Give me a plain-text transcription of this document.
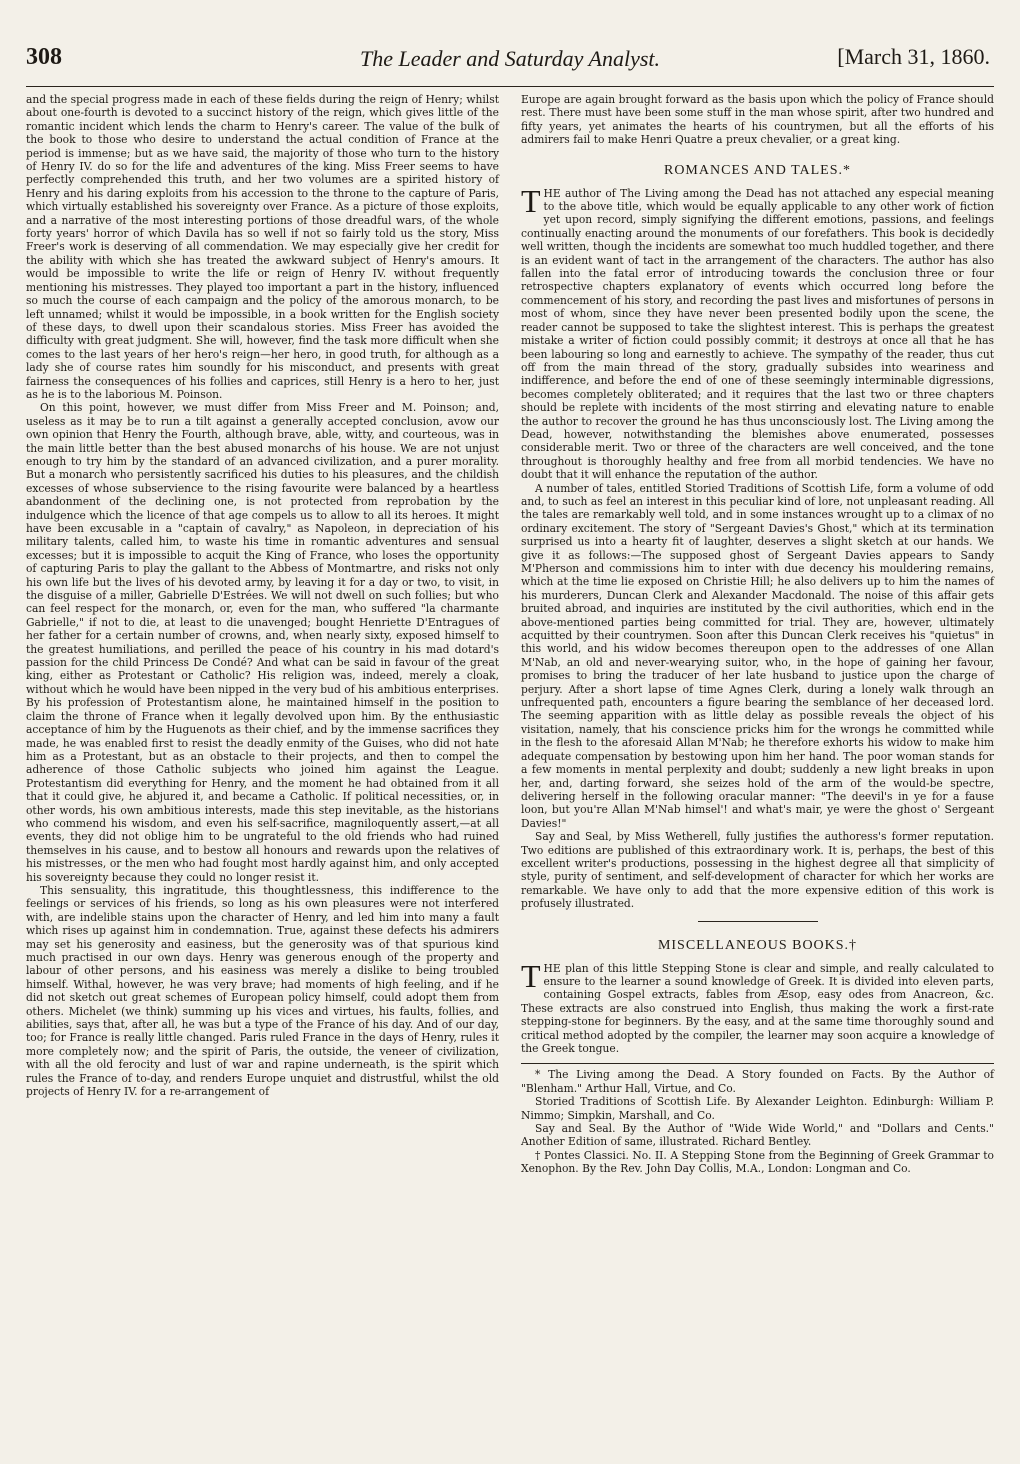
308	The Leader and Saturday Analyst.	[March 31, 1860.

and the special progress made in each of these fields during the reign of Henry; whilst about one-fourth is devoted to a succinct history of the reign, which gives little of the romantic incident which lends the charm to Henry's career. The value of the bulk of the book to those who desire to understand the actual condition of France at the period is immense; but as we have said, the majority of those who turn to the history of Henry IV. do so for the life and adventures of the king. Miss Freer seems to have perfectly comprehended this truth, and her two volumes are a spirited history of Henry and his daring exploits from his accession to the throne to the capture of Paris, which virtually established his sovereignty over France. As a picture of those exploits, and a narrative of the most interesting portions of those dreadful wars, of the whole forty years' horror of which Davila has so well if not so fairly told us the story, Miss Freer's work is deserving of all commendation. We may especially give her credit for the ability with which she has treated the awkward subject of Henry's amours. It would be impossible to write the life or reign of Henry IV. without frequently mentioning his mistresses. They played too important a part in the history, influenced so much the course of each campaign and the policy of the amorous monarch, to be left unnamed; whilst it would be impossible, in a book written for the English society of these days, to dwell upon their scandalous stories. Miss Freer has avoided the difficulty with great judgment. She will, however, find the task more difficult when she comes to the last years of her hero's reign—her hero, in good truth, for although as a lady she of course rates him soundly for his misconduct, and presents with great fairness the consequences of his follies and caprices, still Henry is a hero to her, just as he is to the laborious M. Poinson.

On this point, however, we must differ from Miss Freer and M. Poinson; and, useless as it may be to run a tilt against a generally accepted conclusion, avow our own opinion that Henry the Fourth, although brave, able, witty, and courteous, was in the main little better than the best abused monarchs of his house. We are not unjust enough to try him by the standard of an advanced civilization, and a purer morality. But a monarch who persistently sacrificed his duties to his pleasures, and the childish excesses of whose subservience to the rising favourite were balanced by a heartless abandonment of the declining one, is not protected from reprobation by the indulgence which the licence of that age compels us to allow to all its heroes. It might have been excusable in a "captain of cavalry," as Napoleon, in depreciation of his military talents, called him, to waste his time in romantic adventures and sensual excesses; but it is impossible to acquit the King of France, who loses the opportunity of capturing Paris to play the gallant to the Abbess of Montmartre, and risks not only his own life but the lives of his devoted army, by leaving it for a day or two, to visit, in the disguise of a miller, Gabrielle D'Estrées. We will not dwell on such follies; but who can feel respect for the monarch, or, even for the man, who suffered "la charmante Gabrielle," if not to die, at least to die unavenged; bought Henriette D'Entragues of her father for a certain number of crowns, and, when nearly sixty, exposed himself to the greatest humiliations, and perilled the peace of his country in his mad dotard's passion for the child Princess De Condé? And what can be said in favour of the great king, either as Protestant or Catholic? His religion was, indeed, merely a cloak, without which he would have been nipped in the very bud of his ambitious enterprises. By his profession of Protestantism alone, he maintained himself in the position to claim the throne of France when it legally devolved upon him. By the enthusiastic acceptance of him by the Huguenots as their chief, and by the immense sacrifices they made, he was enabled first to resist the deadly enmity of the Guises, who did not hate him as a Protestant, but as an obstacle to their projects, and then to compel the adherence of those Catholic subjects who joined him against the League. Protestantism did everything for Henry, and the moment he had obtained from it all that it could give, he abjured it, and became a Catholic. If political necessities, or, in other words, his own ambitious interests, made this step inevitable, as the historians who commend his wisdom, and even his self-sacrifice, magniloquently assert,—at all events, they did not oblige him to be ungrateful to the old friends who had ruined themselves in his cause, and to bestow all honours and rewards upon the relatives of his mistresses, or the men who had fought most hardly against him, and only accepted his sovereignty because they could no longer resist it.

This sensuality, this ingratitude, this thoughtlessness, this indifference to the feelings or services of his friends, so long as his own pleasures were not interfered with, are indelible stains upon the character of Henry, and led him into many a fault which rises up against him in condemnation. True, against these defects his admirers may set his generosity and easiness, but the generosity was of that spurious kind much practised in our own days. Henry was generous enough of the property and labour of other persons, and his easiness was merely a dislike to being troubled himself. Withal, however, he was very brave; had moments of high feeling, and if he did not sketch out great schemes of European policy himself, could adopt them from others. Michelet (we think) summing up his vices and virtues, his faults, follies, and abilities, says that, after all, he was but a type of the France of his day. And of our day, too; for France is really little changed. Paris ruled France in the days of Henry, rules it more completely now; and the spirit of Paris, the outside, the veneer of civilization, with all the old ferocity and lust of war and rapine underneath, is the spirit which rules the France of to-day, and renders Europe unquiet and distrustful, whilst the old projects of Henry IV. for a re-arrangement of

Europe are again brought forward as the basis upon which the policy of France should rest. There must have been some stuff in the man whose spirit, after two hundred and fifty years, yet animates the hearts of his countrymen, but all the efforts of his admirers fail to make Henri Quatre a preux chevalier, or a great king.

ROMANCES AND TALES.*

THE author of The Living among the Dead has not attached any especial meaning to the above title, which would be equally applicable to any other work of fiction yet upon record, simply signifying the different emotions, passions, and feelings continually enacting around the monuments of our forefathers. This book is decidedly well written, though the incidents are somewhat too much huddled together, and there is an evident want of tact in the arrangement of the characters. The author has also fallen into the fatal error of introducing towards the conclusion three or four retrospective chapters explanatory of events which occurred long before the commencement of his story, and recording the past lives and misfortunes of persons in most of whom, since they have never been presented bodily upon the scene, the reader cannot be supposed to take the slightest interest. This is perhaps the greatest mistake a writer of fiction could possibly commit; it destroys at once all that he has been labouring so long and earnestly to achieve. The sympathy of the reader, thus cut off from the main thread of the story, gradually subsides into weariness and indifference, and before the end of one of these seemingly interminable digressions, becomes completely obliterated; and it requires that the last two or three chapters should be replete with incidents of the most stirring and elevating nature to enable the author to recover the ground he has thus unconsciously lost. The Living among the Dead, however, notwithstanding the blemishes above enumerated, possesses considerable merit. Two or three of the characters are well conceived, and the tone throughout is thoroughly healthy and free from all morbid tendencies. We have no doubt that it will enhance the reputation of the author.

A number of tales, entitled Storied Traditions of Scottish Life, form a volume of odd and, to such as feel an interest in this peculiar kind of lore, not unpleasant reading. All the tales are remarkably well told, and in some instances wrought up to a climax of no ordinary excitement. The story of "Sergeant Davies's Ghost," which at its termination surprised us into a hearty fit of laughter, deserves a slight sketch at our hands. We give it as follows:—The supposed ghost of Sergeant Davies appears to Sandy M'Pherson and commissions him to inter with due decency his mouldering remains, which at the time lie exposed on Christie Hill; he also delivers up to him the names of his murderers, Duncan Clerk and Alexander Macdonald. The noise of this affair gets bruited abroad, and inquiries are instituted by the civil authorities, which end in the above-mentioned parties being committed for trial. They are, however, ultimately acquitted by their countrymen. Soon after this Duncan Clerk receives his "quietus" in this world, and his widow becomes thereupon open to the addresses of one Allan M'Nab, an old and never-wearying suitor, who, in the hope of gaining her favour, promises to bring the traducer of her late husband to justice upon the charge of perjury. After a short lapse of time Agnes Clerk, during a lonely walk through an unfrequented path, encounters a figure bearing the semblance of her deceased lord. The seeming apparition with as little delay as possible reveals the object of his visitation, namely, that his conscience pricks him for the wrongs he committed while in the flesh to the aforesaid Allan M'Nab; he therefore exhorts his widow to make him adequate compensation by bestowing upon him her hand. The poor woman stands for a few moments in mental perplexity and doubt; suddenly a new light breaks in upon her, and, darting forward, she seizes hold of the arm of the would-be spectre, delivering herself in the following oracular manner: "The deevil's in ye for a fause loon, but you're Allan M'Nab himsel'! and what's mair, ye were the ghost o' Sergeant Davies!"

Say and Seal, by Miss Wetherell, fully justifies the authoress's former reputation. Two editions are published of this extraordinary work. It is, perhaps, the best of this excellent writer's productions, possessing in the highest degree all that simplicity of style, purity of sentiment, and self-development of character for which her works are remarkable. We have only to add that the more expensive edition of this work is profusely illustrated.

MISCELLANEOUS BOOKS.†

THE plan of this little Stepping Stone is clear and simple, and really calculated to ensure to the learner a sound knowledge of Greek. It is divided into eleven parts, containing Gospel extracts, fables from Æsop, easy odes from Anacreon, &c. These extracts are also construed into English, thus making the work a first-rate stepping-stone for beginners. By the easy, and at the same time thoroughly sound and critical method adopted by the compiler, the learner may soon acquire a knowledge of the Greek tongue.

* The Living among the Dead. A Story founded on Facts. By the Author of "Blenham." Arthur Hall, Virtue, and Co.

Storied Traditions of Scottish Life. By Alexander Leighton. Edinburgh: William P. Nimmo; Simpkin, Marshall, and Co.

Say and Seal. By the Author of "Wide Wide World," and "Dollars and Cents." Another Edition of same, illustrated. Richard Bentley.

† Pontes Classici. No. II. A Stepping Stone from the Beginning of Greek Grammar to Xenophon. By the Rev. John Day Collis, M.A., London: Longman and Co.
